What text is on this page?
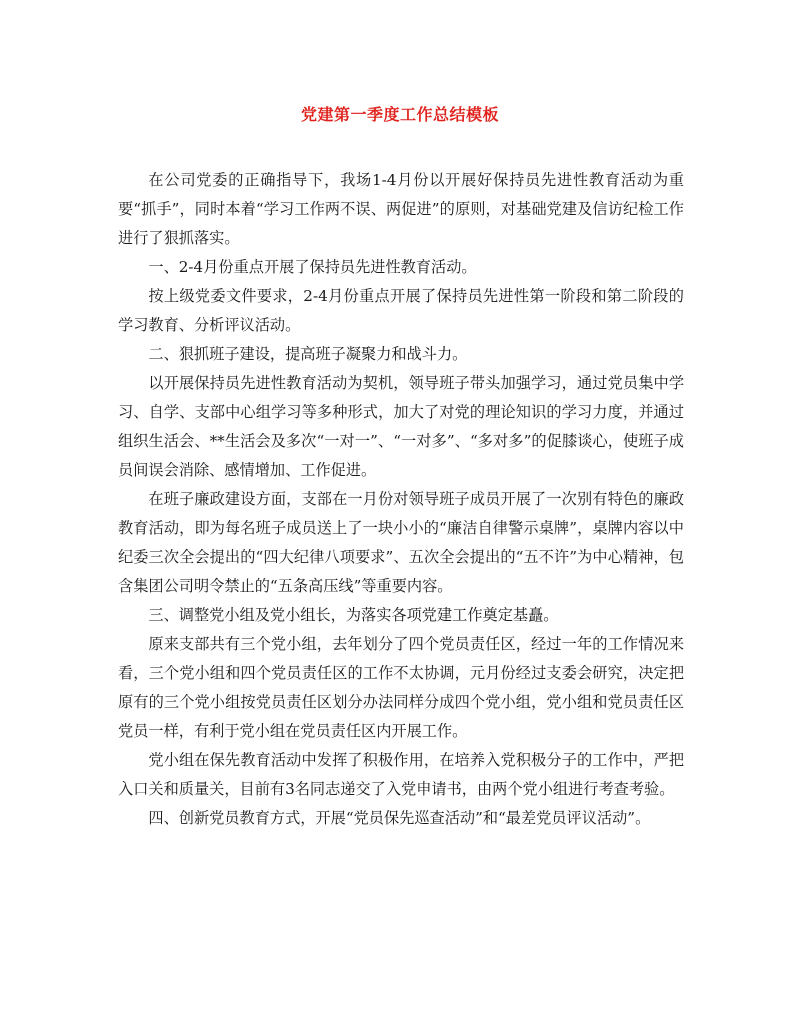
党建第一季度工作总结模板

在公司党委的正确指导下，我场1-4月份以开展好保持员先进性教育活动为重要“抓手”，同时本着“学习工作两不误、两促进”的原则，对基础党建及信访纪检工作进行了狠抓落实。

一、2-4月份重点开展了保持员先进性教育活动。

按上级党委文件要求，2-4月份重点开展了保持员先进性第一阶段和第二阶段的学习教育、分析评议活动。

二、狠抓班子建设，提高班子凝聚力和战斗力。

以开展保持员先进性教育活动为契机，领导班子带头加强学习，通过党员集中学习、自学、支部中心组学习等多种形式，加大了对党的理论知识的学习力度，并通过组织生活会、**生活会及多次“一对一”、“一对多”、“多对多”的促膝谈心，使班子成员间误会消除、感情增加、工作促进。

在班子廉政建设方面，支部在一月份对领导班子成员开展了一次别有特色的廉政教育活动，即为每名班子成员送上了一块小小的“廉洁自律警示桌牌”，桌牌内容以中纪委三次全会提出的“四大纪律八项要求”、五次全会提出的“五不许”为中心精神，包含集团公司明令禁止的“五条高压线”等重要内容。

三、调整党小组及党小组长，为落实各项党建工作奠定基矗。

原来支部共有三个党小组，去年划分了四个党员责任区，经过一年的工作情况来看，三个党小组和四个党员责任区的工作不太协调，元月份经过支委会研究，决定把原有的三个党小组按党员责任区划分办法同样分成四个党小组，党小组和党员责任区党员一样，有利于党小组在党员责任区内开展工作。

党小组在保先教育活动中发挥了积极作用，在培养入党积极分子的工作中，严把入口关和质量关，目前有3名同志递交了入党申请书，由两个党小组进行考查考验。

四、创新党员教育方式，开展“党员保先巡查活动”和“最差党员评议活动”。
